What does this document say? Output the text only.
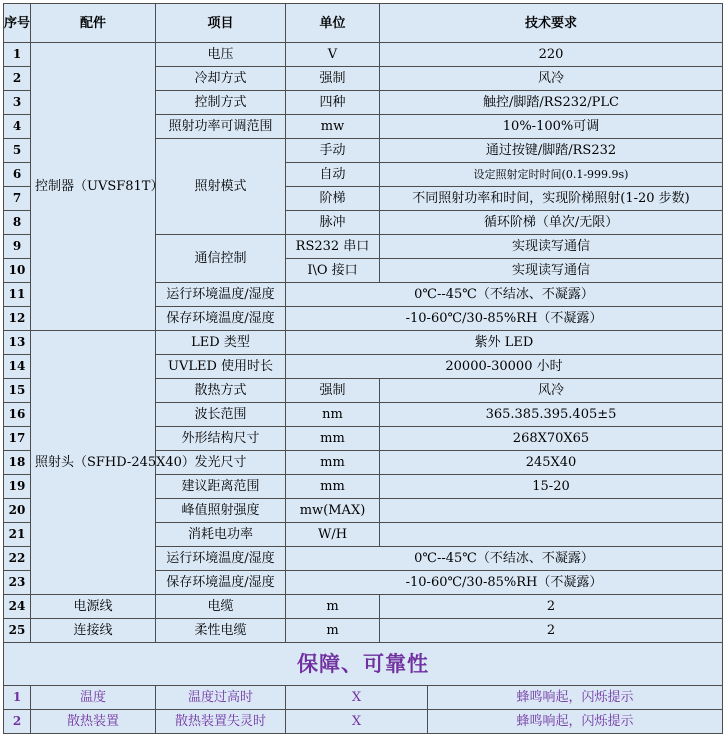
序号	配件	项目	单位	技术要求	
1	控制器（UVSF81T）	电压	V	220	
2		冷却方式	强制	风冷	
3		控制方式	四种	触控/脚踏/RS232/PLC	
4		照射功率可调范围	mw	10%-100%可调	
5		照射模式	手动	通过按键/脚踏/RS232	
6			自动	设定照射定时时间(0.1-999.9s)	
7			阶梯	不同照射功率和时间，实现阶梯照射(1-20 步数)	
8			脉冲	循环阶梯（单次/无限）	
9		通信控制	RS232 串口	实现读写通信	
10			I\O 接口	实现读写通信	
11		运行环境温度/湿度	0℃--45℃（不结冰、不凝露）		
12		保存环境温度/湿度	-10-60℃/30-85%RH（不凝露）		
13	照射头（SFHD-245X40）	LED 类型	紫外 LED		
14		UVLED 使用时长	20000-30000 小时		
15		散热方式	强制	风冷	
16		波长范围	nm	365.385.395.405±5	
17		外形结构尺寸	mm	268X70X65	
18		发光尺寸	mm	245X40	
19		建议距离范围	mm	15-20	
20		峰值照射强度	mw(MAX)		
21		消耗电功率	W/H		
22		运行环境温度/湿度	0℃--45℃（不结冰、不凝露）		
23		保存环境温度/湿度	-10-60℃/30-85%RH（不凝露）		
24	电源线	电缆	m	2	
25	连接线	柔性电缆	m	2	
保障、可靠性					
1	温度	温度过高时	X		蜂鸣响起，闪烁提示
2	散热装置	散热装置失灵时	X		蜂鸣响起，闪烁提示
